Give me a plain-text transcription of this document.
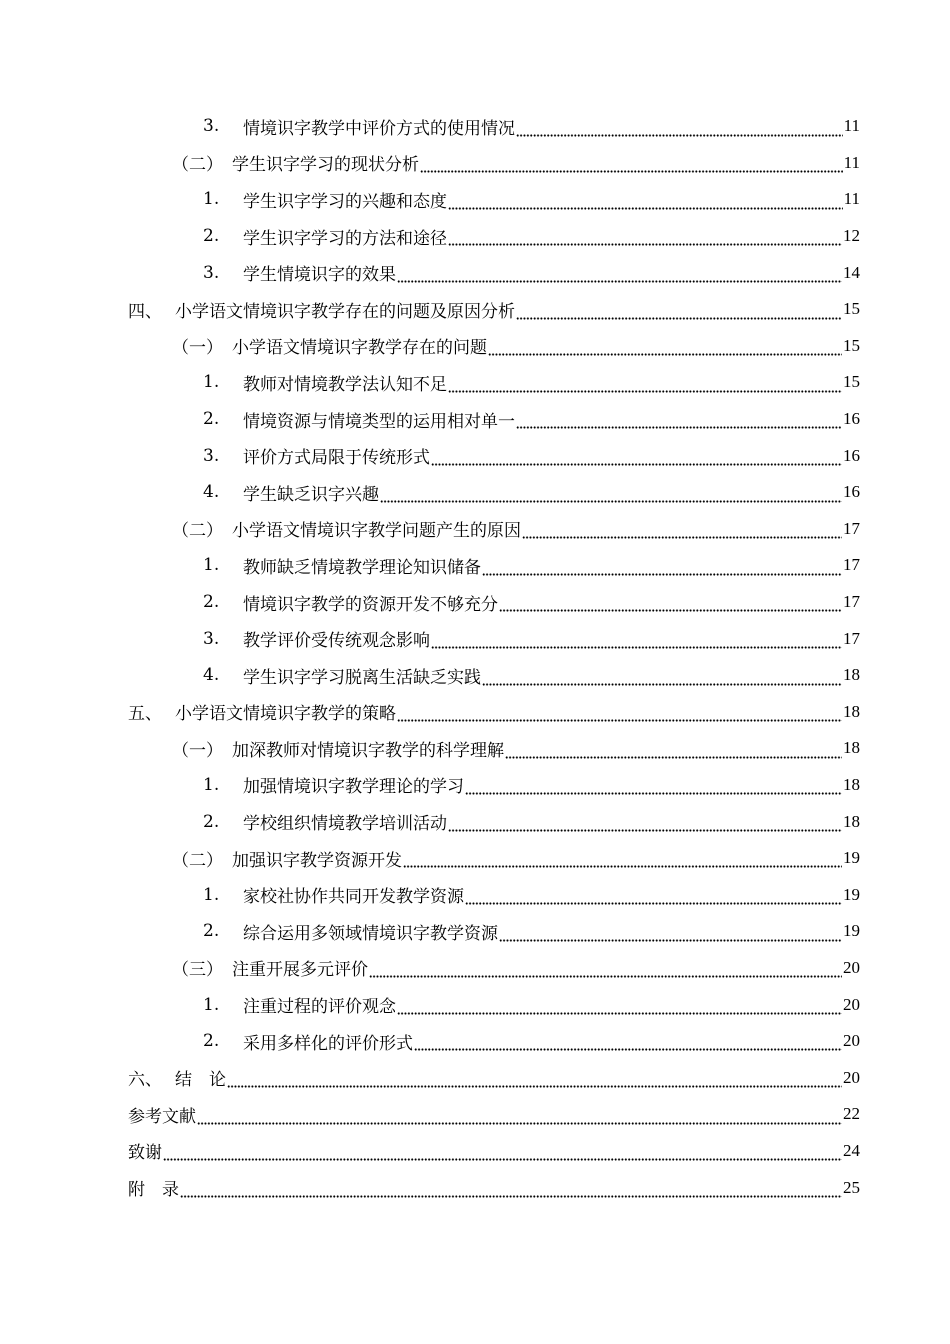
3.	情境识字教学中评价方式的使用情况	11
（二） 学生识字学习的现状分析	11
1.	学生识字学习的兴趣和态度	11
2.	学生识字学习的方法和途径	12
3.	学生情境识字的效果	14
四、 小学语文情境识字教学存在的问题及原因分析	15
（一） 小学语文情境识字教学存在的问题	15
1.	教师对情境教学法认知不足	15
2.	情境资源与情境类型的运用相对单一	16
3.	评价方式局限于传统形式	16
4.	学生缺乏识字兴趣	16
（二） 小学语文情境识字教学问题产生的原因	17
1.	教师缺乏情境教学理论知识储备	17
2.	情境识字教学的资源开发不够充分	17
3.	教学评价受传统观念影响	17
4.	学生识字学习脱离生活缺乏实践	18
五、 小学语文情境识字教学的策略	18
（一） 加深教师对情境识字教学的科学理解	18
1.	加强情境识字教学理论的学习	18
2.	学校组织情境教学培训活动	18
（二） 加强识字教学资源开发	19
1.	家校社协作共同开发教学资源	19
2.	综合运用多领域情境识字教学资源	19
（三） 注重开展多元评价	20
1.	注重过程的评价观念	20
2.	采用多样化的评价形式	20
六、 结　论	20
参考文献	22
致谢	24
附　录	25
